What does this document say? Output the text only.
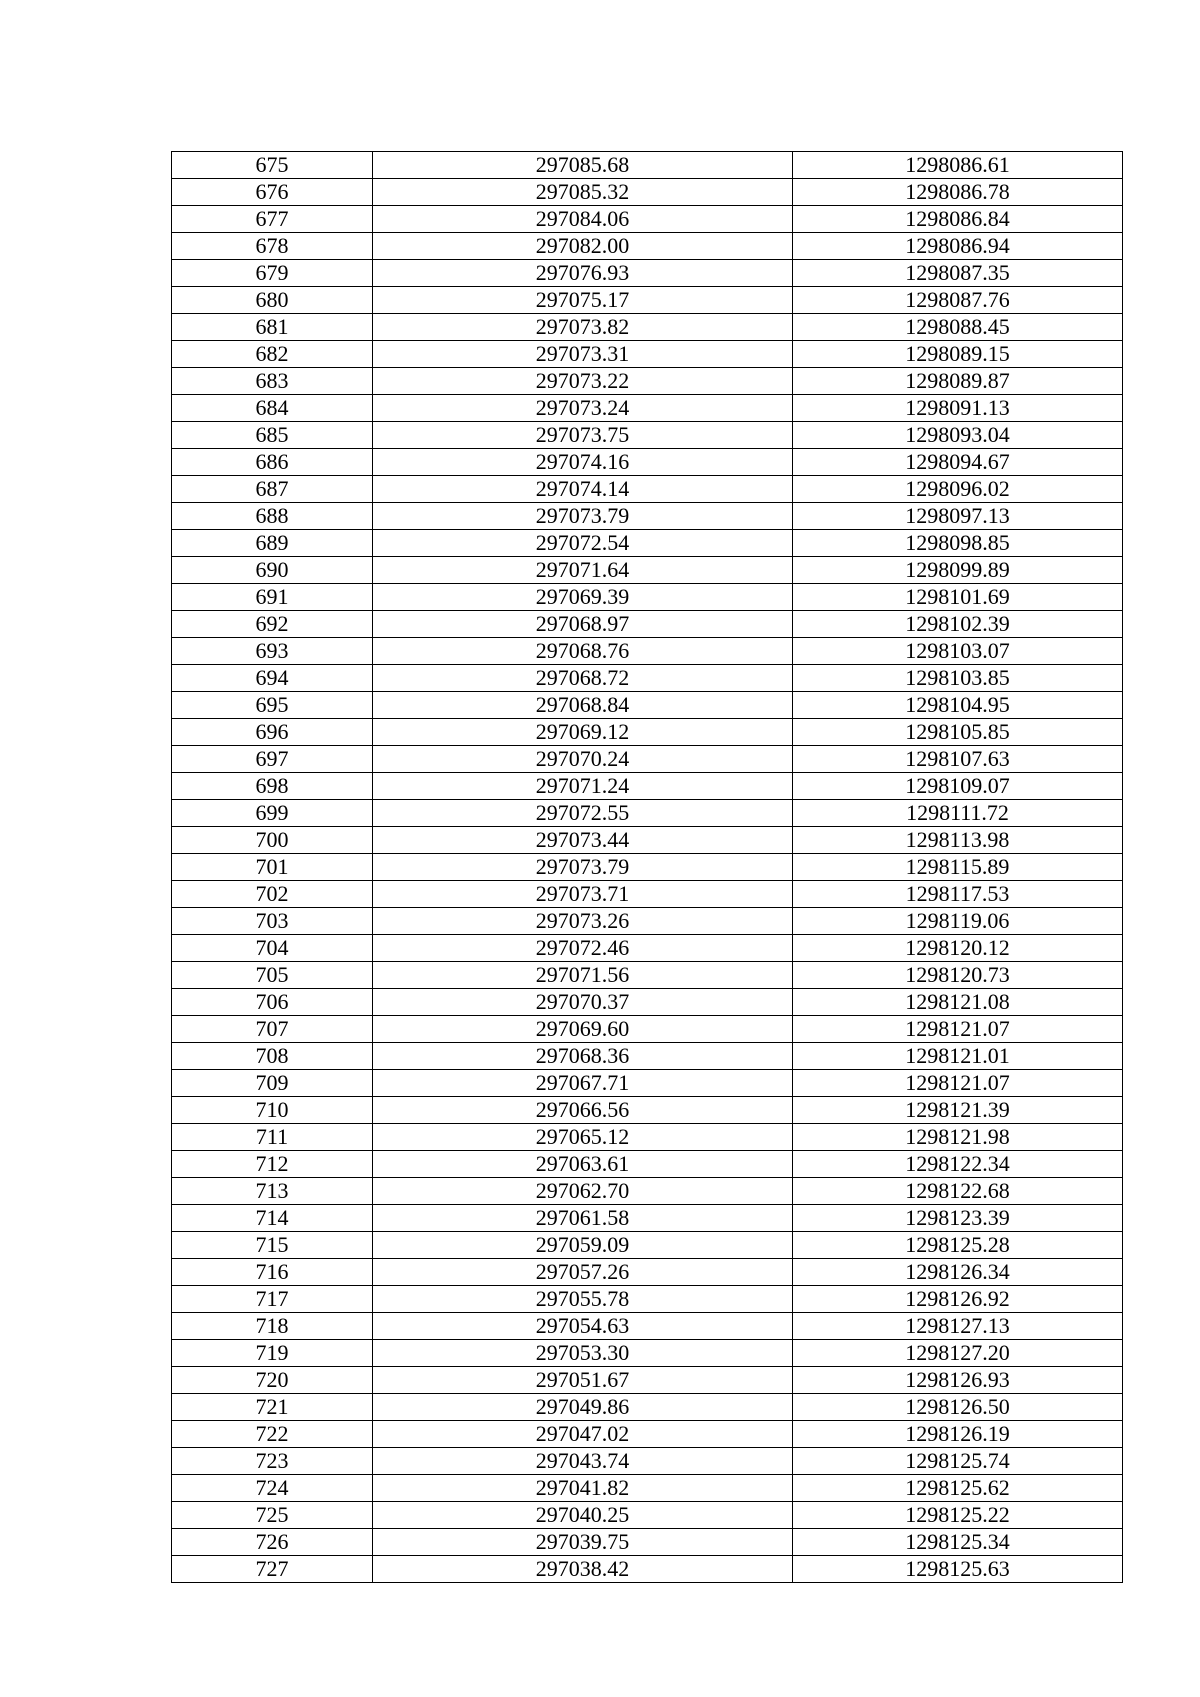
675	297085.68	1298086.61
676	297085.32	1298086.78
677	297084.06	1298086.84
678	297082.00	1298086.94
679	297076.93	1298087.35
680	297075.17	1298087.76
681	297073.82	1298088.45
682	297073.31	1298089.15
683	297073.22	1298089.87
684	297073.24	1298091.13
685	297073.75	1298093.04
686	297074.16	1298094.67
687	297074.14	1298096.02
688	297073.79	1298097.13
689	297072.54	1298098.85
690	297071.64	1298099.89
691	297069.39	1298101.69
692	297068.97	1298102.39
693	297068.76	1298103.07
694	297068.72	1298103.85
695	297068.84	1298104.95
696	297069.12	1298105.85
697	297070.24	1298107.63
698	297071.24	1298109.07
699	297072.55	1298111.72
700	297073.44	1298113.98
701	297073.79	1298115.89
702	297073.71	1298117.53
703	297073.26	1298119.06
704	297072.46	1298120.12
705	297071.56	1298120.73
706	297070.37	1298121.08
707	297069.60	1298121.07
708	297068.36	1298121.01
709	297067.71	1298121.07
710	297066.56	1298121.39
711	297065.12	1298121.98
712	297063.61	1298122.34
713	297062.70	1298122.68
714	297061.58	1298123.39
715	297059.09	1298125.28
716	297057.26	1298126.34
717	297055.78	1298126.92
718	297054.63	1298127.13
719	297053.30	1298127.20
720	297051.67	1298126.93
721	297049.86	1298126.50
722	297047.02	1298126.19
723	297043.74	1298125.74
724	297041.82	1298125.62
725	297040.25	1298125.22
726	297039.75	1298125.34
727	297038.42	1298125.63
